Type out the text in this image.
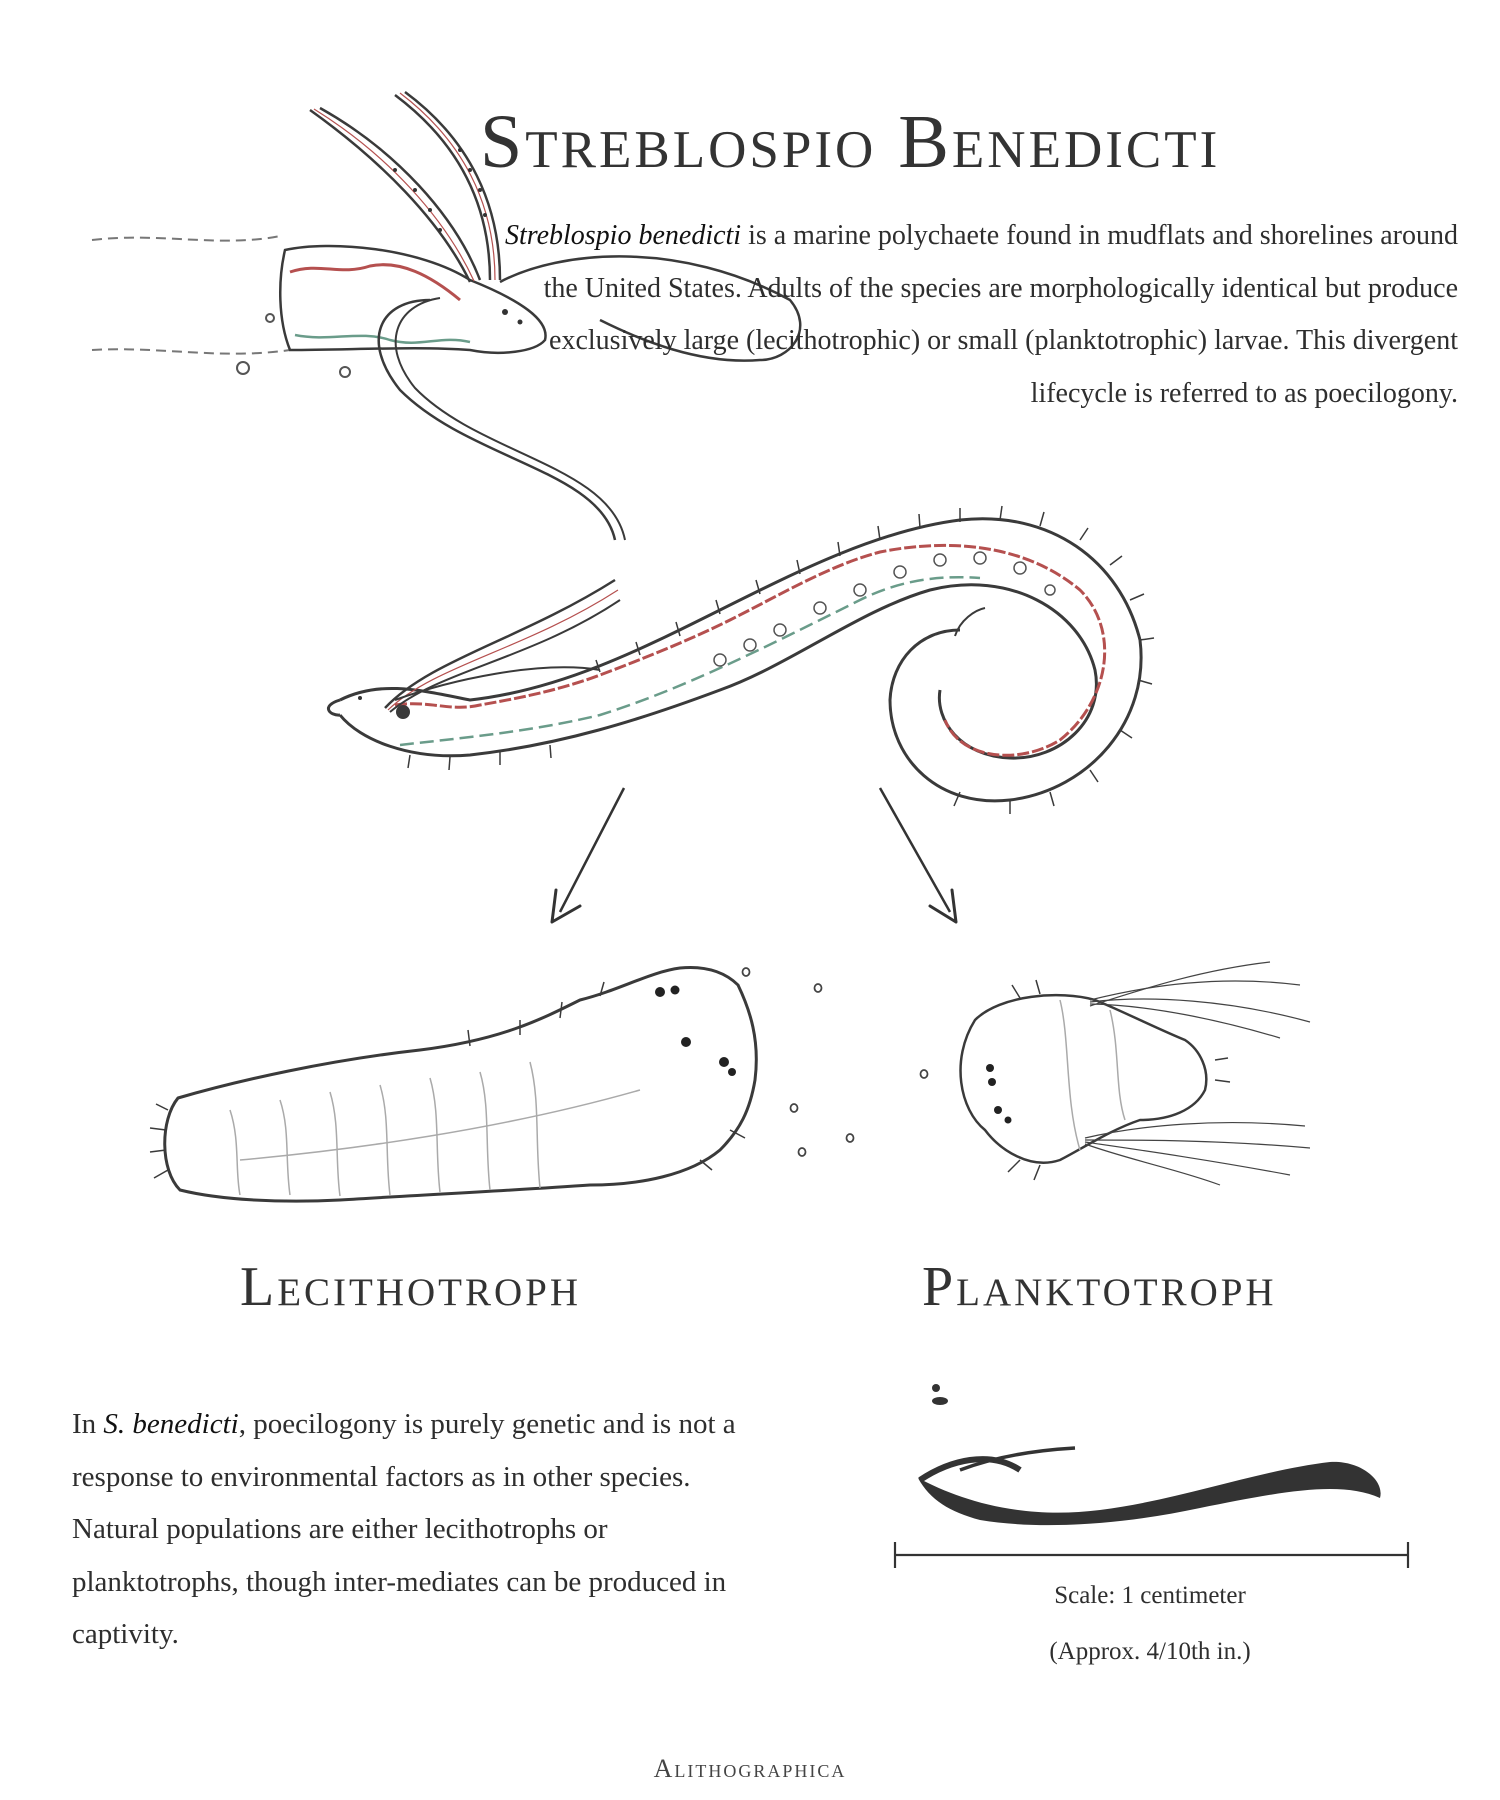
Streblospio Benedicti
Streblospio benedicti is a marine polychaete found in mudflats and shorelines around the United States. Adults of the species are morphologically identical but produce exclusively large (lecithotrophic) or small (planktotrophic) larvae. This divergent lifecycle is referred to as poecilogony.
Lecithotroph	Planktotroph
In S. benedicti, poecilogony is purely genetic and is not a response to environmental factors as in other species. Natural populations are either lecithotrophs or planktotrophs, though inter-mediates can be produced in captivity.
Scale: 1 centimeter
(Approx. 4/10th in.)
Alithographica
